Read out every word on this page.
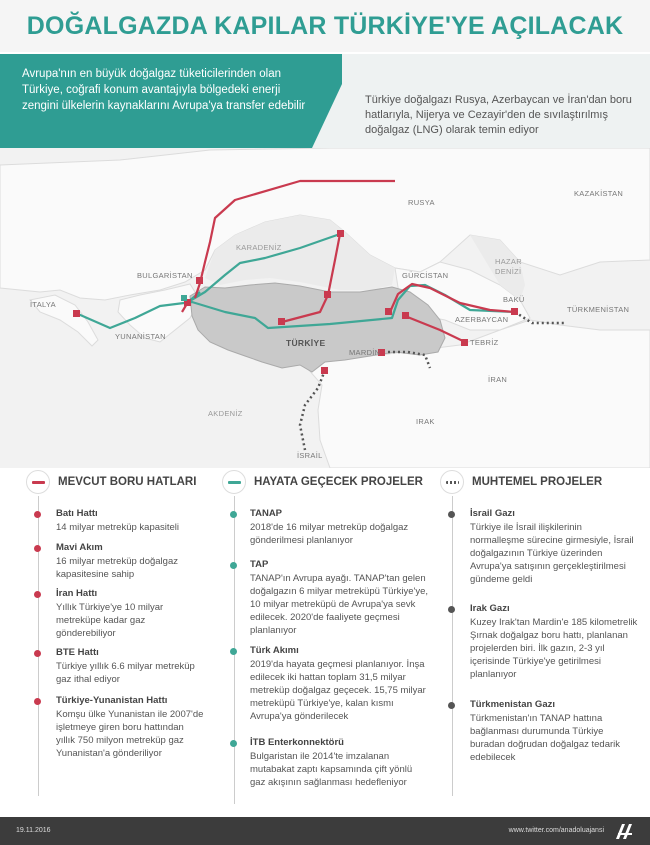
DOĞALGAZDA KAPILAR TÜRKİYE'YE AÇILACAK
Avrupa'nın en büyük doğalgaz tüketicilerinden olan Türkiye, coğrafi konum avantajıyla bölgedeki enerji zengini ülkelerin kaynaklarını Avrupa'ya transfer edebilir	Türkiye doğalgazı Rusya, Azerbaycan ve İran'dan boru hatlarıyla, Nijerya ve Cezayir'den de sıvılaştırılmış doğalgaz (LNG) olarak temin ediyor
RUSYA
KAZAKİSTAN
KARADENİZ
BULGARİSTAN
İTALYA
YUNANİSTAN
TÜRKİYE
GÜRCİSTAN
AZERBAYCAN
HAZAR
DENİZİ
BAKÜ
TÜRKMENİSTAN
TEBRİZ
İRAN
MARDİN
AKDENİZ
IRAK
İSRAİL
MEVCUT BORU HATLARI
Batı Hattı
14 milyar metreküp kapasiteli
Mavi Akım
16 milyar metreküp doğalgaz kapasitesine sahip
İran Hattı
Yıllık Türkiye'ye 10 milyar metreküpe kadar gaz gönderebiliyor
BTE Hattı
Türkiye yıllık 6.6 milyar metreküp gaz ithal ediyor
Türkiye-Yunanistan Hattı
Komşu ülke Yunanistan ile 2007'de işletmeye giren boru hattından yıllık 750 milyon metreküp gaz Yunanistan'a gönderiliyor
HAYATA GEÇECEK PROJELER
TANAP
2018'de 16 milyar metreküp doğalgaz gönderilmesi planlanıyor
TAP
TANAP'ın Avrupa ayağı. TANAP'tan gelen doğalgazın 6 milyar metreküpü Türkiye'ye, 10 milyar metreküpü de Avrupa'ya sevk edilecek. 2020'de faaliyete geçmesi planlanıyor
Türk Akımı
2019'da hayata geçmesi planlanıyor. İnşa edilecek iki hattan toplam 31,5 milyar metreküp doğalgaz geçecek. 15,75 milyar metreküpü Türkiye'ye, kalan kısmı Avrupa'ya gönderilecek
İTB Enterkonnektörü
Bulgaristan ile 2014'te imzalanan mutabakat zaptı kapsamında çift yönlü gaz akışının sağlanması hedefleniyor
MUHTEMEL PROJELER
İsrail Gazı
Türkiye ile İsrail ilişkilerinin normalleşme sürecine girmesiyle, İsrail doğalgazının Türkiye üzerinden Avrupa'ya satışının gerçekleştirilmesi gündeme geldi
Irak Gazı
Kuzey Irak'tan Mardin'e 185 kilometrelik Şırnak doğalgaz boru hattı, planlanan projelerden biri. İlk gazın, 2-3 yıl içerisinde Türkiye'ye getirilmesi planlanıyor
Türkmenistan Gazı
Türkmenistan'ın TANAP hattına bağlanması durumunda Türkiye buradan doğrudan doğalgaz tedarik edebilecek
19.11.2016	www.twitter.com/anadoluajansi
